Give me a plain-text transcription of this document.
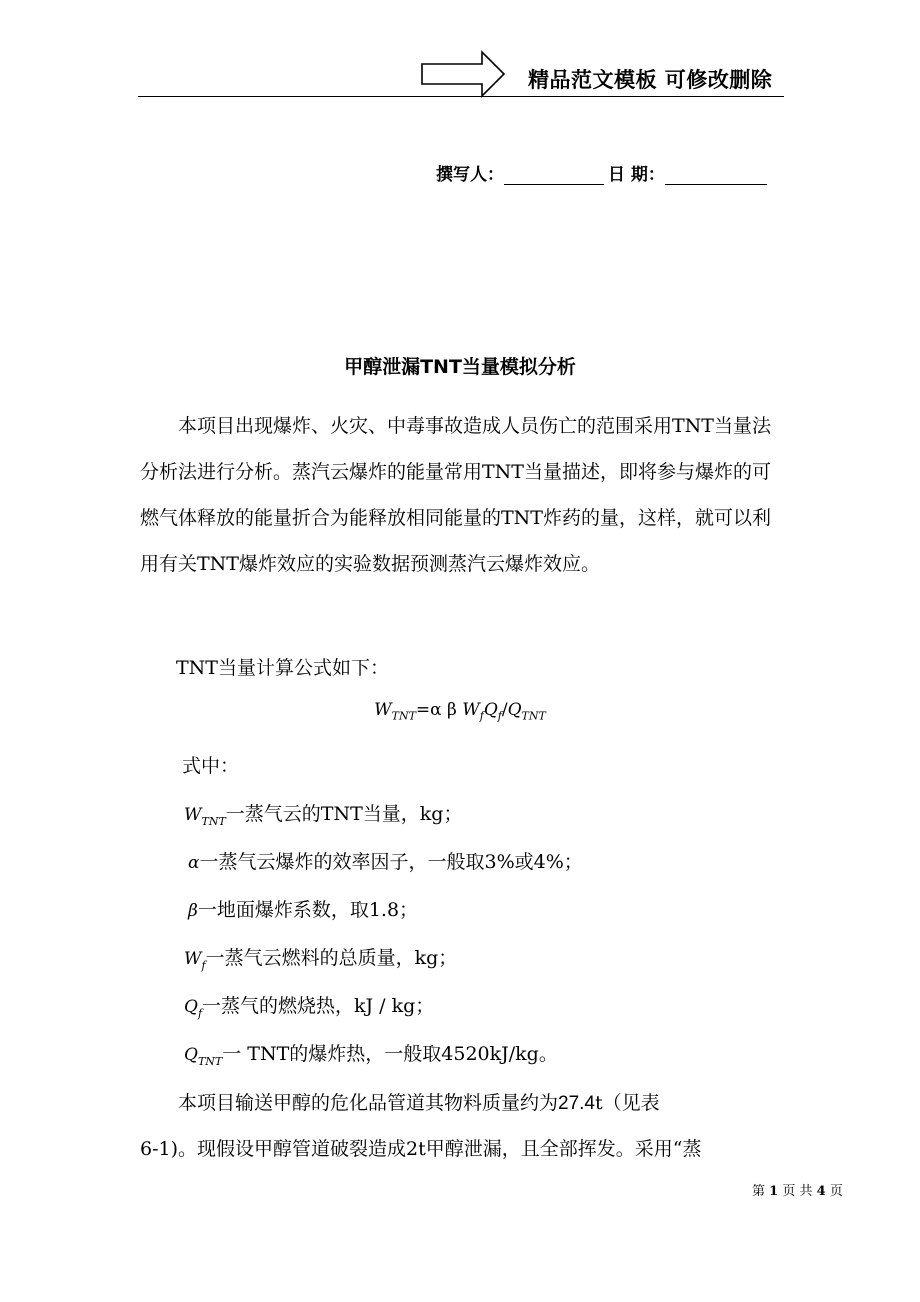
精品范文模板 可修改删除
撰写人：	日 期：
甲醇泄漏TNT当量模拟分析

本项目出现爆炸、火灾、中毒事故造成人员伤亡的范围采用TNT当量法分析法进行分析。蒸汽云爆炸的能量常用TNT当量描述，即将参与爆炸的可燃气体释放的能量折合为能释放相同能量的TNT炸药的量，这样，就可以利用有关TNT爆炸效应的实验数据预测蒸汽云爆炸效应。

TNT当量计算公式如下：

$W_{TNT}=\alpha$ β $W_fQ_f/Q_{TNT}$

式中：

$W_{TNT}$一蒸气云的TNT当量，kg；

α一蒸气云爆炸的效率因子，一般取3%或4%；

β一地面爆炸系数，取1.8；

$W_f$一蒸气云燃料的总质量，kg；

$Q_f$一蒸气的燃烧热，kJ / kg；

$Q_{TNT}$一 TNT的爆炸热，一般取4520kJ/kg。

本项目输送甲醇的危化品管道其物料质量约为27.4t（见表

6-1)。现假设甲醇管道破裂造成2t甲醇泄漏，且全部挥发。采用“蒸

第 1 页 共 4 页
